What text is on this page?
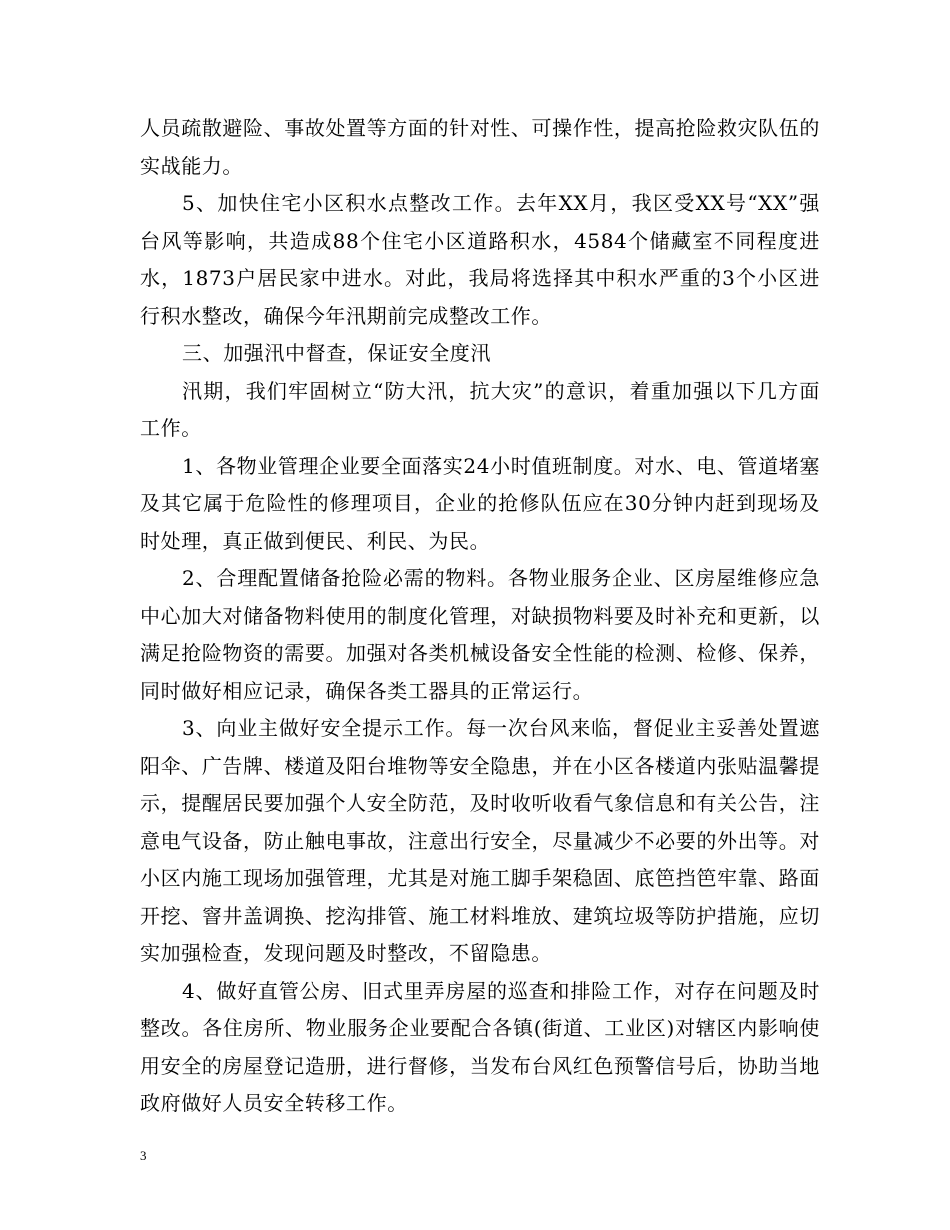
人员疏散避险、事故处置等方面的针对性、可操作性，提高抢险救灾队伍的实战能力。

5、加快住宅小区积水点整改工作。去年XX月，我区受XX号“XX”强台风等影响，共造成88个住宅小区道路积水，4584个储藏室不同程度进水，1873户居民家中进水。对此，我局将选择其中积水严重的3个小区进行积水整改，确保今年汛期前完成整改工作。

三、加强汛中督查，保证安全度汛

汛期，我们牢固树立“防大汛，抗大灾”的意识，着重加强以下几方面工作。

1、各物业管理企业要全面落实24小时值班制度。对水、电、管道堵塞及其它属于危险性的修理项目，企业的抢修队伍应在30分钟内赶到现场及时处理，真正做到便民、利民、为民。

2、合理配置储备抢险必需的物料。各物业服务企业、区房屋维修应急中心加大对储备物料使用的制度化管理，对缺损物料要及时补充和更新，以满足抢险物资的需要。加强对各类机械设备安全性能的检测、检修、保养，同时做好相应记录，确保各类工器具的正常运行。

3、向业主做好安全提示工作。每一次台风来临，督促业主妥善处置遮阳伞、广告牌、楼道及阳台堆物等安全隐患，并在小区各楼道内张贴温馨提示，提醒居民要加强个人安全防范，及时收听收看气象信息和有关公告，注意电气设备，防止触电事故，注意出行安全，尽量减少不必要的外出等。对小区内施工现场加强管理，尤其是对施工脚手架稳固、底笆挡笆牢靠、路面开挖、窨井盖调换、挖沟排管、施工材料堆放、建筑垃圾等防护措施，应切实加强检查，发现问题及时整改，不留隐患。

4、做好直管公房、旧式里弄房屋的巡查和排险工作，对存在问题及时整改。各住房所、物业服务企业要配合各镇(街道、工业区)对辖区内影响使用安全的房屋登记造册，进行督修，当发布台风红色预警信号后，协助当地政府做好人员安全转移工作。

3
